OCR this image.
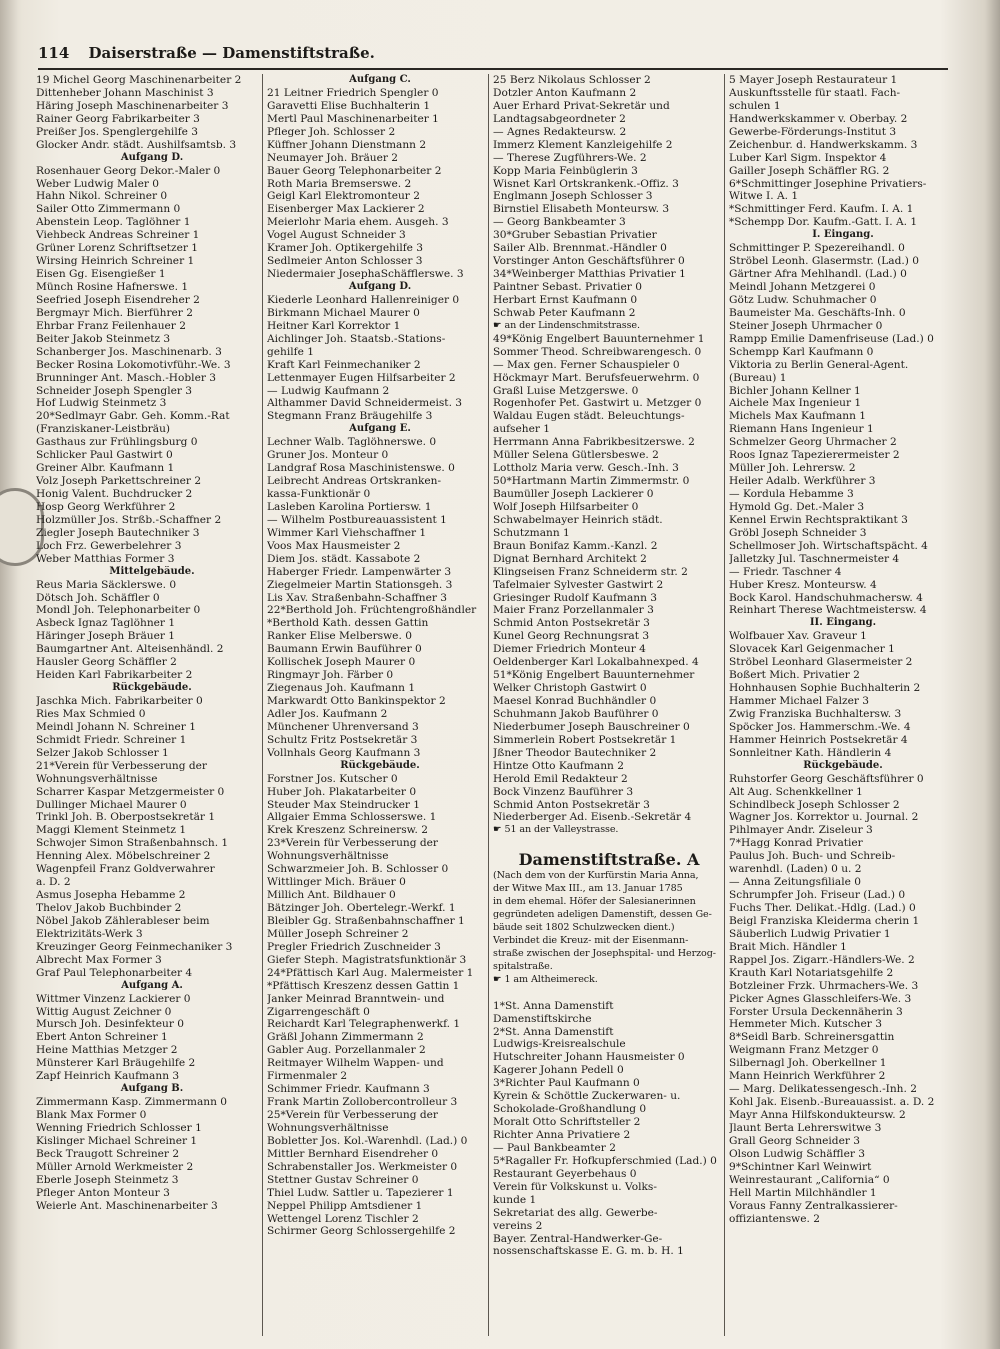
114 Daiserstraße — Damenstiftstraße.
19 Michel Georg Maschinenarbeiter 2
Dittenheber Johann Maschinist 3
Häring Joseph Maschinenarbeiter 3
Rainer Georg Fabrikarbeiter 3
Preißer Jos. Spenglergehilfe 3
Glocker Andr. städt. Aushilfsamtsb. 3
Aufgang D.
Rosenhauer Georg Dekor.-Maler 0
Weber Ludwig Maler 0
Hahn Nikol. Schreiner 0
Sailer Otto Zimmermann 0
Abenstein Leop. Taglöhner 1
Viehbeck Andreas Schreiner 1
Grüner Lorenz Schriftsetzer 1
Wirsing Heinrich Schreiner 1
Eisen Gg. Eisengießer 1
Münch Rosine Hafnerswe. 1
Seefried Joseph Eisendreher 2
Bergmayr Mich. Bierführer 2
Ehrbar Franz Feilenhauer 2
Beiter Jakob Steinmetz 3
Schanberger Jos. Maschinenarb. 3
Becker Rosina Lokomotivführ.-We. 3
Brunninger Ant. Masch.-Hobler 3
Schneider Joseph Spengler 3
Hof Ludwig Steinmetz 3
20*Sedlmayr Gabr. Geh. Komm.-Rat
(Franziskaner-Leistbräu)
Gasthaus zur Frühlingsburg 0
Schlicker Paul Gastwirt 0
Greiner Albr. Kaufmann 1
Volz Joseph Parkettschreiner 2
Honig Valent. Buchdrucker 2
Hosp Georg Werkführer 2
Holzmüller Jos. Strßb.-Schaffner 2
Ziegler Joseph Bautechniker 3
Loch Frz. Gewerbelehrer 3
Weber Matthias Former 3
Mittelgebäude.
Reus Maria Säcklerswe. 0
Dötsch Joh. Schäffler 0
Mondl Joh. Telephonarbeiter 0
Asbeck Ignaz Taglöhner 1
Häringer Joseph Bräuer 1
Baumgartner Ant. Alteisenhändl. 2
Hausler Georg Schäffler 2
Heiden Karl Fabrikarbeiter 2
Rückgebäude.
Jaschka Mich. Fabrikarbeiter 0
Ries Max Schmied 0
Meindl Johann N. Schreiner 1
Schmidt Friedr. Schreiner 1
Selzer Jakob Schlosser 1
21*Verein für Verbesserung der
Wohnungsverhältnisse
Scharrer Kaspar Metzgermeister 0
Dullinger Michael Maurer 0
Trinkl Joh. B. Oberpostsekretär 1
Maggi Klement Steinmetz 1
Schwojer Simon Straßenbahnsch. 1
Henning Alex. Möbelschreiner 2
Wagenpfeil Franz Goldverwahrer
a. D. 2
Asmus Josepha Hebamme 2
Thelov Jakob Buchbinder 2
Nöbel Jakob Zählerableser beim
Elektrizitäts-Werk 3
Kreuzinger Georg Feinmechaniker 3
Albrecht Max Former 3
Graf Paul Telephonarbeiter 4
Aufgang A.
Wittmer Vinzenz Lackierer 0
Wittig August Zeichner 0
Mursch Joh. Desinfekteur 0
Ebert Anton Schreiner 1
Heine Matthias Metzger 2
Münsterer Karl Bräugehilfe 2
Zapf Heinrich Kaufmann 3
Aufgang B.
Zimmermann Kasp. Zimmermann 0
Blank Max Former 0
Wenning Friedrich Schlosser 1
Kislinger Michael Schreiner 1
Beck Traugott Schreiner 2
Müller Arnold Werkmeister 2
Eberle Joseph Steinmetz 3
Pfleger Anton Monteur 3
Weierle Ant. Maschinenarbeiter 3
Aufgang C.
21 Leitner Friedrich Spengler 0
Garavetti Elise Buchhalterin 1
Mertl Paul Maschinenarbeiter 1
Pfleger Joh. Schlosser 2
Küffner Johann Dienstmann 2
Neumayer Joh. Bräuer 2
Bauer Georg Telephonarbeiter 2
Roth Maria Bremserswe. 2
Geigl Karl Elektromonteur 2
Eisenberger Max Lackierer 2
Meierlohr Maria ehem. Ausgeh. 3
Vogel August Schneider 3
Kramer Joh. Optikergehilfe 3
Sedlmeier Anton Schlosser 3
Niedermaier JosephaSchäfflerswe. 3
Aufgang D.
Kiederle Leonhard Hallenreiniger 0
Birkmann Michael Maurer 0
Heitner Karl Korrektor 1
Aichlinger Joh. Staatsb.-Stations-
gehilfe 1
Kraft Karl Feinmechaniker 2
Lettenmayer Eugen Hilfsarbeiter 2
— Ludwig Kaufmann 2
Althammer David Schneidermeist. 3
Stegmann Franz Bräugehilfe 3
Aufgang E.
Lechner Walb. Taglöhnerswe. 0
Gruner Jos. Monteur 0
Landgraf Rosa Maschinistenswe. 0
Leibrecht Andreas Ortskranken-
kassa-Funktionär 0
Lasleben Karolina Portiersw. 1
— Wilhelm Postbureauassistent 1
Wimmer Karl Viehschaffner 1
Voos Max Hausmeister 2
Diem Jos. städt. Kassabote 2
Haberger Friedr. Lampenwärter 3
Ziegelmeier Martin Stationsgeh. 3
Lis Xav. Straßenbahn-Schaffner 3
22*Berthold Joh. Früchtengroßhändler
*Berthold Kath. dessen Gattin
Ranker Elise Melberswe. 0
Baumann Erwin Bauführer 0
Kollischek Joseph Maurer 0
Ringmayr Joh. Färber 0
Ziegenaus Joh. Kaufmann 1
Markwardt Otto Bankinspektor 2
Adler Jos. Kaufmann 2
Münchener Uhrenversand 3
Schultz Fritz Postsekretär 3
Vollnhals Georg Kaufmann 3
Rückgebäude.
Forstner Jos. Kutscher 0
Huber Joh. Plakatarbeiter 0
Steuder Max Steindrucker 1
Allgaier Emma Schlosserswe. 1
Krek Kreszenz Schreinersw. 2
23*Verein für Verbesserung der
Wohnungsverhältnisse
Schwarzmeier Joh. B. Schlosser 0
Wittlinger Mich. Bräuer 0
Millich Ant. Bildhauer 0
Bätzinger Joh. Obertelegr.-Werkf. 1
Bleibler Gg. Straßenbahnschaffner 1
Müller Joseph Schreiner 2
Pregler Friedrich Zuschneider 3
Giefer Steph. Magistratsfunktionär 3
24*Pfättisch Karl Aug. Malermeister 1
*Pfättisch Kreszenz dessen Gattin 1
Janker Meinrad Branntwein- und
Zigarrengeschäft 0
Reichardt Karl Telegraphenwerkf. 1
Gräßl Johann Zimmermann 2
Gabler Aug. Porzellanmaler 2
Reitmayer Wilhelm Wappen- und
Firmenmaler 2
Schimmer Friedr. Kaufmann 3
Frank Martin Zollobercontrolleur 3
25*Verein für Verbesserung der
Wohnungsverhältnisse
Bobletter Jos. Kol.-Warenhdl. (Lad.) 0
Mittler Bernhard Eisendreher 0
Schrabenstaller Jos. Werkmeister 0
Stettner Gustav Schreiner 0
Thiel Ludw. Sattler u. Tapezierer 1
Neppel Philipp Amtsdiener 1
Wettengel Lorenz Tischler 2
Schirmer Georg Schlossergehilfe 2
25 Berz Nikolaus Schlosser 2
Dotzler Anton Kaufmann 2
Auer Erhard Privat-Sekretär und
Landtagsabgeordneter 2
— Agnes Redakteursw. 2
Immerz Klement Kanzleigehilfe 2
— Therese Zugführers-We. 2
Kopp Maria Feinbüglerin 3
Wisnet Karl Ortskrankenk.-Offiz. 3
Englmann Joseph Schlosser 3
Birnstiel Elisabeth Monteursw. 3
— Georg Bankbeamter 3
30*Gruber Sebastian Privatier
Sailer Alb. Brennmat.-Händler 0
Vorstinger Anton Geschäftsführer 0
34*Weinberger Matthias Privatier 1
Paintner Sebast. Privatier 0
Herbart Ernst Kaufmann 0
Schwab Peter Kaufmann 2
☛ an der Lindenschmitstrasse.
49*König Engelbert Bauunternehmer 1
Sommer Theod. Schreibwarengesch. 0
— Max gen. Ferner Schauspieler 0
Höckmayr Mart. Berufsfeuerwehrm. 0
Graßl Luise Metzgerswe. 0
Rogenhofer Pet. Gastwirt u. Metzger 0
Waldau Eugen städt. Beleuchtungs-
aufseher 1
Herrmann Anna Fabrikbesitzerswe. 2
Müller Selena Gütlersbeswe. 2
Lottholz Maria verw. Gesch.-Inh. 3
50*Hartmann Martin Zimmermstr. 0
Baumüller Joseph Lackierer 0
Wolf Joseph Hilfsarbeiter 0
Schwabelmayer Heinrich städt.
Schutzmann 1
Braun Bonifaz Kamm.-Kanzl. 2
Dignat Bernhard Architekt 2
Klingseisen Franz Schneiderm str. 2
Tafelmaier Sylvester Gastwirt 2
Griesinger Rudolf Kaufmann 3
Maier Franz Porzellanmaler 3
Schmid Anton Postsekretär 3
Kunel Georg Rechnungsrat 3
Diemer Friedrich Monteur 4
Oeldenberger Karl Lokalbahnexped. 4
51*König Engelbert Bauunternehmer
Welker Christoph Gastwirt 0
Maesel Konrad Buchhändler 0
Schuhmann Jakob Bauführer 0
Niederbumer Joseph Bauschreiner 0
Simmerlein Robert Postsekretär 1
Jßner Theodor Bautechniker 2
Hintze Otto Kaufmann 2
Herold Emil Redakteur 2
Bock Vinzenz Bauführer 3
Schmid Anton Postsekretär 3
Niederberger Ad. Eisenb.-Sekretär 4
☛ 51 an der Valleystrasse.
Damenstiftstraße. A
(Nach dem von der Kurfürstin Maria Anna,
der Witwe Max III., am 13. Januar 1785
in dem ehemal. Höfer der Salesianerinnen
gegründeten adeligen Damenstift, dessen Ge-
bäude seit 1802 Schulzwecken dient.)
Verbindet die Kreuz- mit der Eisenmann-
straße zwischen der Josephspital- und Herzog-
spitalstraße.
☛ 1 am Altheimereck.
1*St. Anna Damenstift
Damenstiftskirche
2*St. Anna Damenstift
Ludwigs-Kreisrealschule
Hutschreiter Johann Hausmeister 0
Kagerer Johann Pedell 0
3*Richter Paul Kaufmann 0
Kyrein & Schöttle Zuckerwaren- u.
Schokolade-Großhandlung 0
Moralt Otto Schriftsteller 2
Richter Anna Privatiere 2
— Paul Bankbeamter 2
5*Ragaller Fr. Hofkupferschmied (Lad.) 0
Restaurant Geyerbehaus 0
Verein für Volkskunst u. Volks-
kunde 1
Sekretariat des allg. Gewerbe-
vereins 2
Bayer. Zentral-Handwerker-Ge-
nossenschaftskasse E. G. m. b. H. 1
5 Mayer Joseph Restaurateur 1
Auskunftsstelle für staatl. Fach-
schulen 1
Handwerkskammer v. Oberbay. 2
Gewerbe-Förderungs-Institut 3
Zeichenbur. d. Handwerkskamm. 3
Luber Karl Sigm. Inspektor 4
Gailler Joseph Schäffler RG. 2
6*Schmittinger Josephine Privatiers-
Witwe I. A. 1
*Schmittinger Ferd. Kaufm. I. A. 1
*Schempp Dor. Kaufm.-Gatt. I. A. 1
I. Eingang.
Schmittinger P. Spezereihandl. 0
Ströbel Leonh. Glasermstr. (Lad.) 0
Gärtner Afra Mehlhandl. (Lad.) 0
Meindl Johann Metzgerei 0
Götz Ludw. Schuhmacher 0
Baumeister Ma. Geschäfts-Inh. 0
Steiner Joseph Uhrmacher 0
Rampp Emilie Damenfriseuse (Lad.) 0
Schempp Karl Kaufmann 0
Viktoria zu Berlin General-Agent.
(Bureau) 1
Bichler Johann Kellner 1
Aichele Max Ingenieur 1
Michels Max Kaufmann 1
Riemann Hans Ingenieur 1
Schmelzer Georg Uhrmacher 2
Roos Ignaz Tapezierermeister 2
Müller Joh. Lehrersw. 2
Heiler Adalb. Werkführer 3
— Kordula Hebamme 3
Hymold Gg. Det.-Maler 3
Kennel Erwin Rechtspraktikant 3
Gröbl Joseph Schneider 3
Schellmoser Joh. Wirtschaftspächt. 4
Jalletzky Jul. Taschnermeister 4
— Friedr. Taschner 4
Huber Kresz. Monteursw. 4
Bock Karol. Handschuhmachersw. 4
Reinhart Therese Wachtmeistersw. 4
II. Eingang.
Wolfbauer Xav. Graveur 1
Slovacek Karl Geigenmacher 1
Ströbel Leonhard Glasermeister 2
Boßert Mich. Privatier 2
Hohnhausen Sophie Buchhalterin 2
Hammer Michael Falzer 3
Zwig Franziska Buchhaltersw. 3
Spöcker Jos. Hammerschm.-We. 4
Hammer Heinrich Postsekretär 4
Sonnleitner Kath. Händlerin 4
Rückgebäude.
Ruhstorfer Georg Geschäftsführer 0
Alt Aug. Schenkkellner 1
Schindlbeck Joseph Schlosser 2
Wagner Jos. Korrektor u. Journal. 2
Pihlmayer Andr. Ziseleur 3
7*Hagg Konrad Privatier
Paulus Joh. Buch- und Schreib-
warenhdl. (Laden) 0 u. 2
— Anna Zeitungsfiliale 0
Schrumpfer Joh. Friseur (Lad.) 0
Fuchs Ther. Delikat.-Hdlg. (Lad.) 0
Beigl Franziska Kleiderma cherin 1
Säuberlich Ludwig Privatier 1
Brait Mich. Händler 1
Rappel Jos. Zigarr.-Händlers-We. 2
Krauth Karl Notariatsgehilfe 2
Botzleiner Frzk. Uhrmachers-We. 3
Picker Agnes Glasschleifers-We. 3
Forster Ursula Deckennäherin 3
Hemmeter Mich. Kutscher 3
8*Seidl Barb. Schreinersgattin
Weigmann Franz Metzger 0
Silbernagl Joh. Oberkellner 1
Mann Heinrich Werkführer 2
— Marg. Delikatessengesch.-Inh. 2
Kohl Jak. Eisenb.-Bureauassist. a. D. 2
Mayr Anna Hilfskondukteursw. 2
Jlaunt Berta Lehrerswitwe 3
Grall Georg Schneider 3
Olson Ludwig Schäffler 3
9*Schintner Karl Weinwirt
Weinrestaurant „California“ 0
Hell Martin Milchhändler 1
Voraus Fanny Zentralkassierer-
offiziantenswe. 2
